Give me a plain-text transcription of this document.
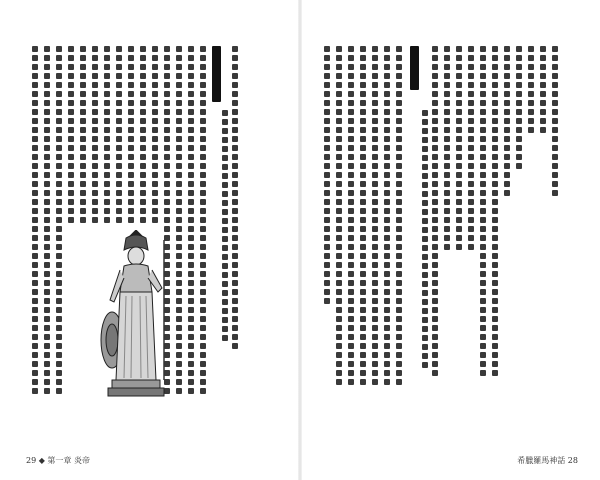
29 ◆ 第一章 炎帝	希臘羅馬神話 28
